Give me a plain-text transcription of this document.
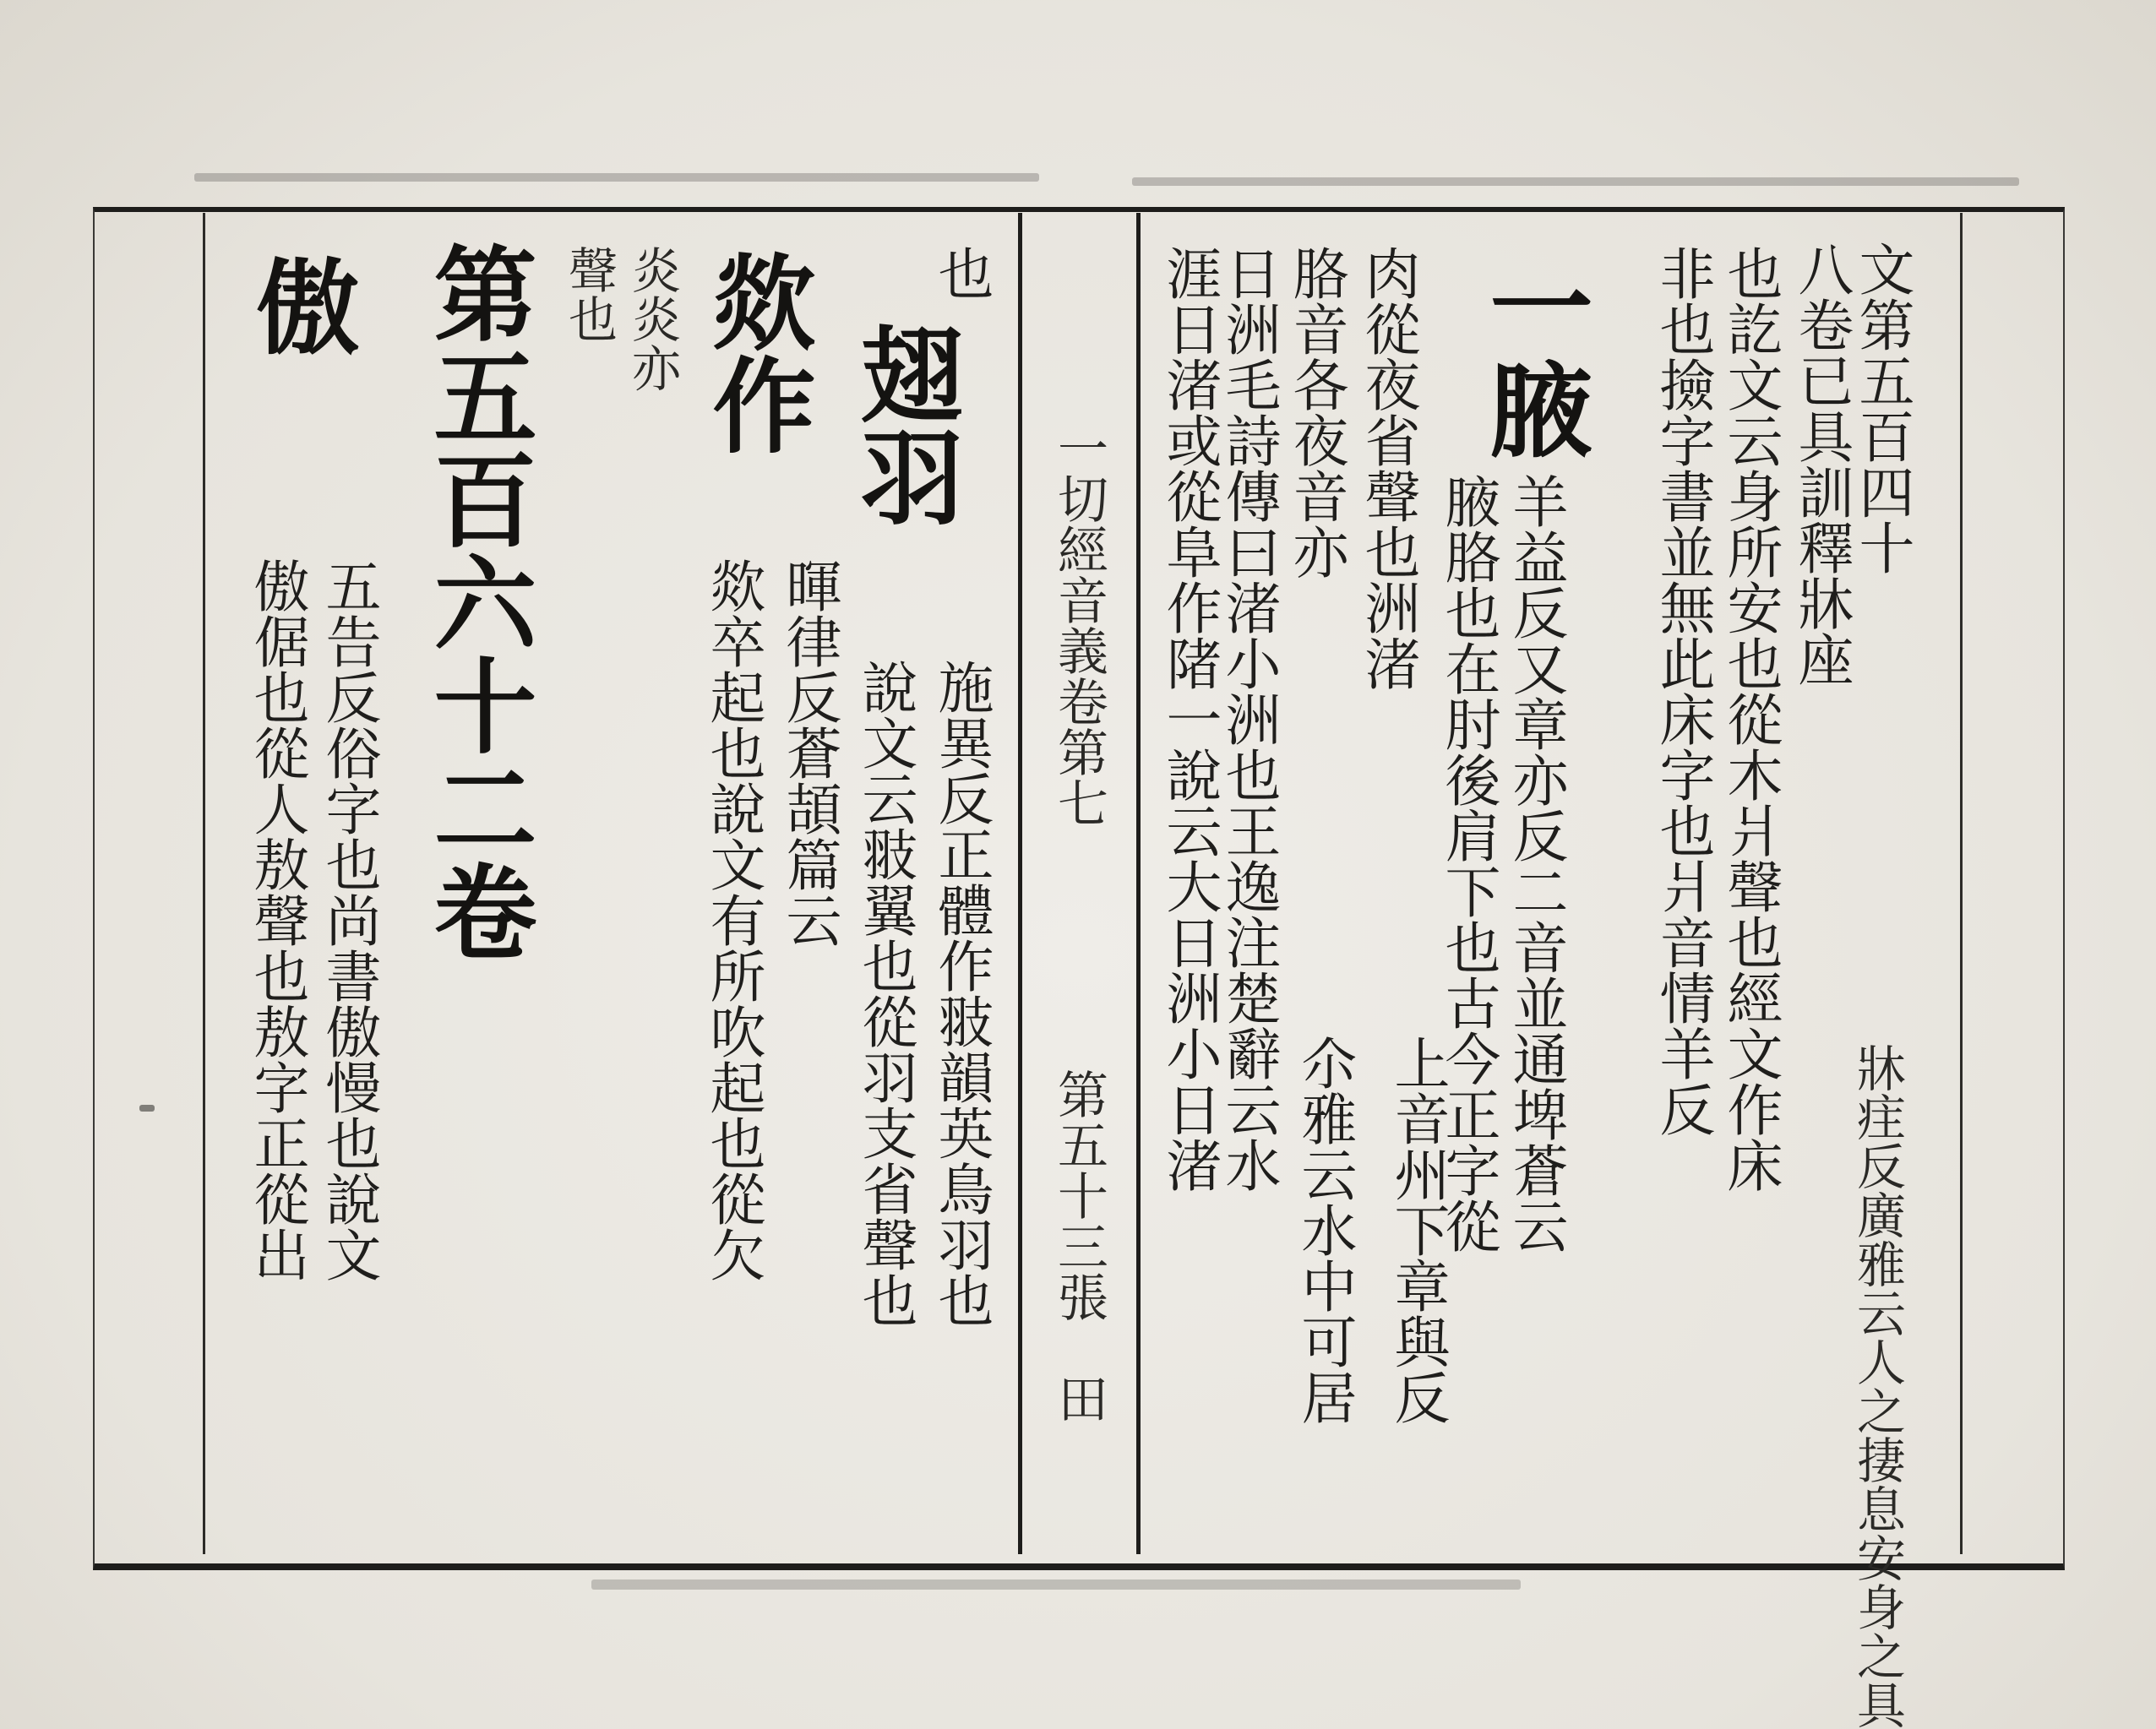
文第五百四十
八卷已具訓釋牀座
牀疰反廣雅云人之捿息安身之具
也訖文云身所安也從木爿聲也經文作床
非也撿字書並無此床字也爿音情羊反
一腋
羊益反又章亦反二音並通埤蒼云
腋胳也在肘後肩下也古今正字從
肉從夜省聲也洲渚
上音州下章與反
胳音各夜音亦
尒雅云水中可居
日洲毛詩傳曰渚小洲也王逸注楚辭云水
涯日渚或從阜作陼一說云大日洲小日渚
一切經音義卷第七
第五十三張
田
翅羽
施異反正體作翄韻英鳥羽也
也
說文云翄翼也從羽支省聲也
欻作
暉律反蒼頡篇云
欻卒起也說文有所吹起也從欠
炎炎亦
聲也
第五百六十二卷
傲
五告反俗字也尚書傲慢也說文
傲倨也從人敖聲也敖字正從出
